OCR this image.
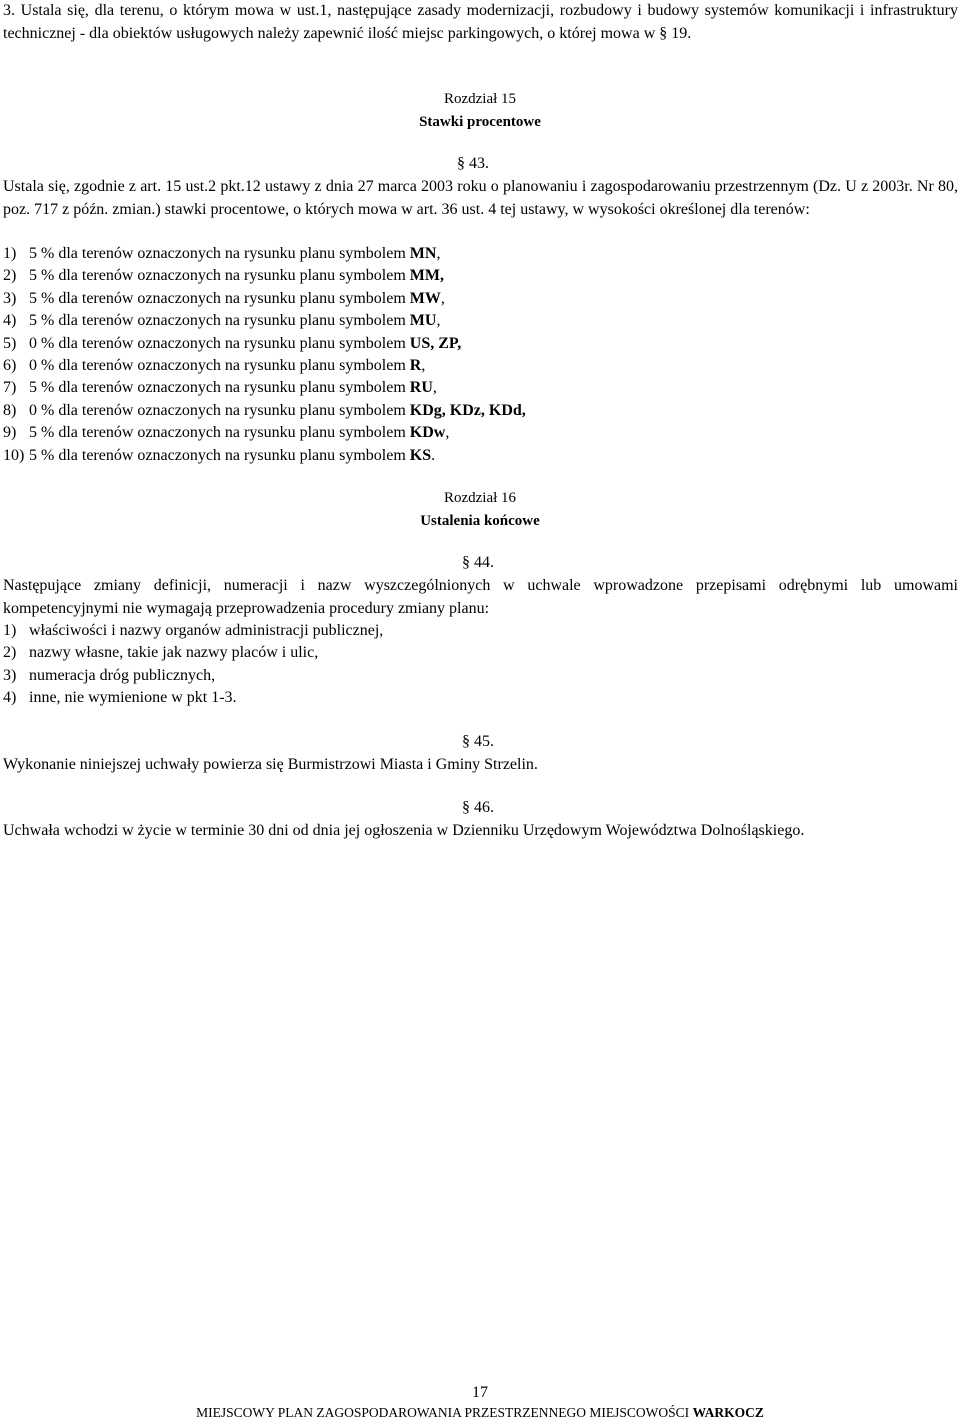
3. Ustala się, dla terenu, o którym mowa w ust.1, następujące zasady modernizacji, rozbudowy i budowy systemów komunikacji i infrastruktury technicznej - dla obiektów usługowych należy zapewnić ilość miejsc parkingowych, o której mowa w § 19.

Rozdział 15
Stawki procentowe
§ 43.

Ustala się, zgodnie z art. 15 ust.2 pkt.12 ustawy z dnia 27 marca 2003 roku o planowaniu i zagospodarowaniu przestrzennym (Dz. U z 2003r. Nr 80, poz. 717 z późn. zmian.) stawki procentowe, o których mowa w art. 36 ust. 4 tej ustawy, w wysokości określonej dla terenów:

1) 5 % dla terenów oznaczonych na rysunku planu symbolem MN,
2) 5 % dla terenów oznaczonych na rysunku planu symbolem MM,
3) 5 % dla terenów oznaczonych na rysunku planu symbolem MW,
4) 5 % dla terenów oznaczonych na rysunku planu symbolem MU,
5) 0 % dla terenów oznaczonych na rysunku planu symbolem US, ZP,
6) 0 % dla terenów oznaczonych na rysunku planu symbolem R,
7) 5 % dla terenów oznaczonych na rysunku planu symbolem RU,
8) 0 % dla terenów oznaczonych na rysunku planu symbolem KDg, KDz, KDd,
9) 5 % dla terenów oznaczonych na rysunku planu symbolem KDw,
10) 5 % dla terenów oznaczonych na rysunku planu symbolem KS.
Rozdział 16
Ustalenia końcowe
§ 44.

Następujące zmiany definicji, numeracji i nazw wyszczególnionych w uchwale wprowadzone przepisami odrębnymi lub umowami kompetencyjnymi nie wymagają przeprowadzenia procedury zmiany planu:

1) właściwości i nazwy organów administracji publicznej,
2) nazwy własne, takie jak nazwy placów i ulic,
3) numeracja dróg publicznych,
4) inne, nie wymienione w pkt 1-3.
§ 45.

Wykonanie niniejszej uchwały powierza się Burmistrzowi Miasta i Gminy Strzelin.

§ 46.

Uchwała wchodzi w życie w terminie 30 dni od dnia jej ogłoszenia w Dzienniku Urzędowym Województwa Dolnośląskiego.

17
MIEJSCOWY PLAN ZAGOSPODAROWANIA PRZESTRZENNEGO MIEJSCOWOŚCI WARKOCZ
